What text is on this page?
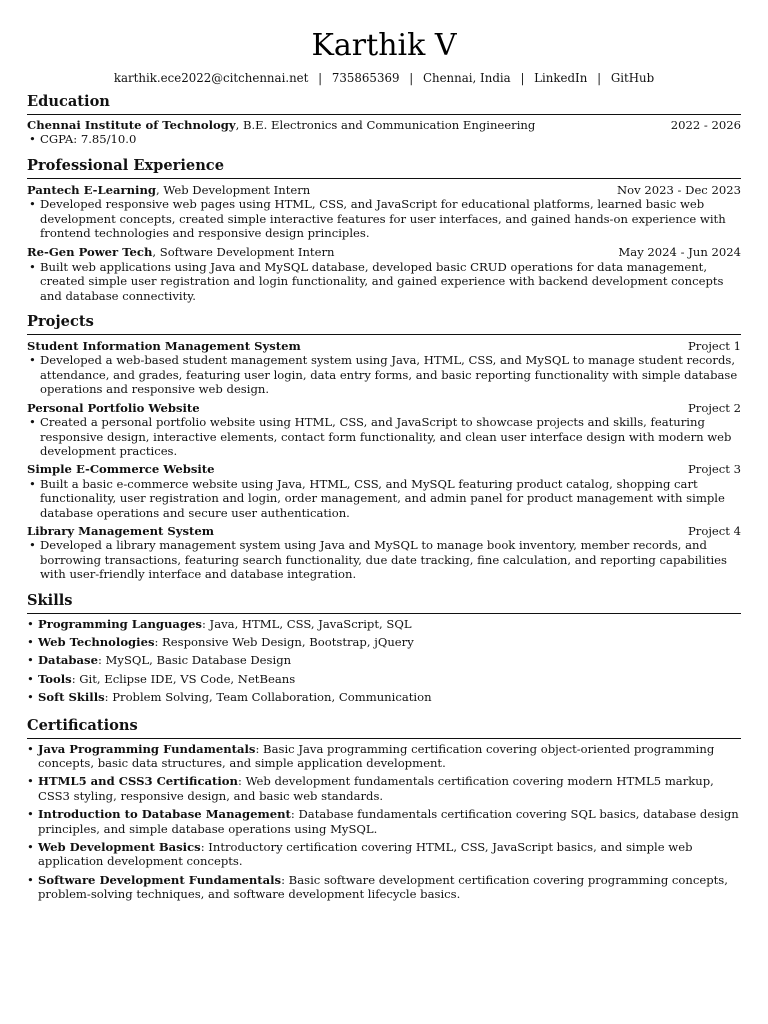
Karthik V
karthik.ece2022@citchennai.net | 735865369 | Chennai, India | LinkedIn | GitHub
Education
Chennai Institute of Technology, B.E. Electronics and Communication Engineering	2022 - 2026
• CGPA: 7.85/10.0
Professional Experience
Pantech E-Learning, Web Development Intern	Nov 2023 - Dec 2023
• Developed responsive web pages using HTML, CSS, and JavaScript for educational platforms, learned basic web development concepts, created simple interactive features for user interfaces, and gained hands-on experience with frontend technologies and responsive design principles.
Re-Gen Power Tech, Software Development Intern	May 2024 - Jun 2024
• Built web applications using Java and MySQL database, developed basic CRUD operations for data management, created simple user registration and login functionality, and gained experience with backend development concepts and database connectivity.
Projects
Student Information Management System	Project 1
• Developed a web-based student management system using Java, HTML, CSS, and MySQL to manage student records, attendance, and grades, featuring user login, data entry forms, and basic reporting functionality with simple database operations and responsive web design.
Personal Portfolio Website	Project 2
• Created a personal portfolio website using HTML, CSS, and JavaScript to showcase projects and skills, featuring responsive design, interactive elements, contact form functionality, and clean user interface design with modern web development practices.
Simple E-Commerce Website	Project 3
• Built a basic e-commerce website using Java, HTML, CSS, and MySQL featuring product catalog, shopping cart functionality, user registration and login, order management, and admin panel for product management with simple database operations and secure user authentication.
Library Management System	Project 4
• Developed a library management system using Java and MySQL to manage book inventory, member records, and borrowing transactions, featuring search functionality, due date tracking, fine calculation, and reporting capabilities with user-friendly interface and database integration.
Skills
• Programming Languages: Java, HTML, CSS, JavaScript, SQL
• Web Technologies: Responsive Web Design, Bootstrap, jQuery
• Database: MySQL, Basic Database Design
• Tools: Git, Eclipse IDE, VS Code, NetBeans
• Soft Skills: Problem Solving, Team Collaboration, Communication
Certifications
• Java Programming Fundamentals: Basic Java programming certification covering object-oriented programming concepts, basic data structures, and simple application development.
• HTML5 and CSS3 Certification: Web development fundamentals certification covering modern HTML5 markup, CSS3 styling, responsive design, and basic web standards.
• Introduction to Database Management: Database fundamentals certification covering SQL basics, database design principles, and simple database operations using MySQL.
• Web Development Basics: Introductory certification covering HTML, CSS, JavaScript basics, and simple web application development concepts.
• Software Development Fundamentals: Basic software development certification covering programming concepts, problem-solving techniques, and software development lifecycle basics.
